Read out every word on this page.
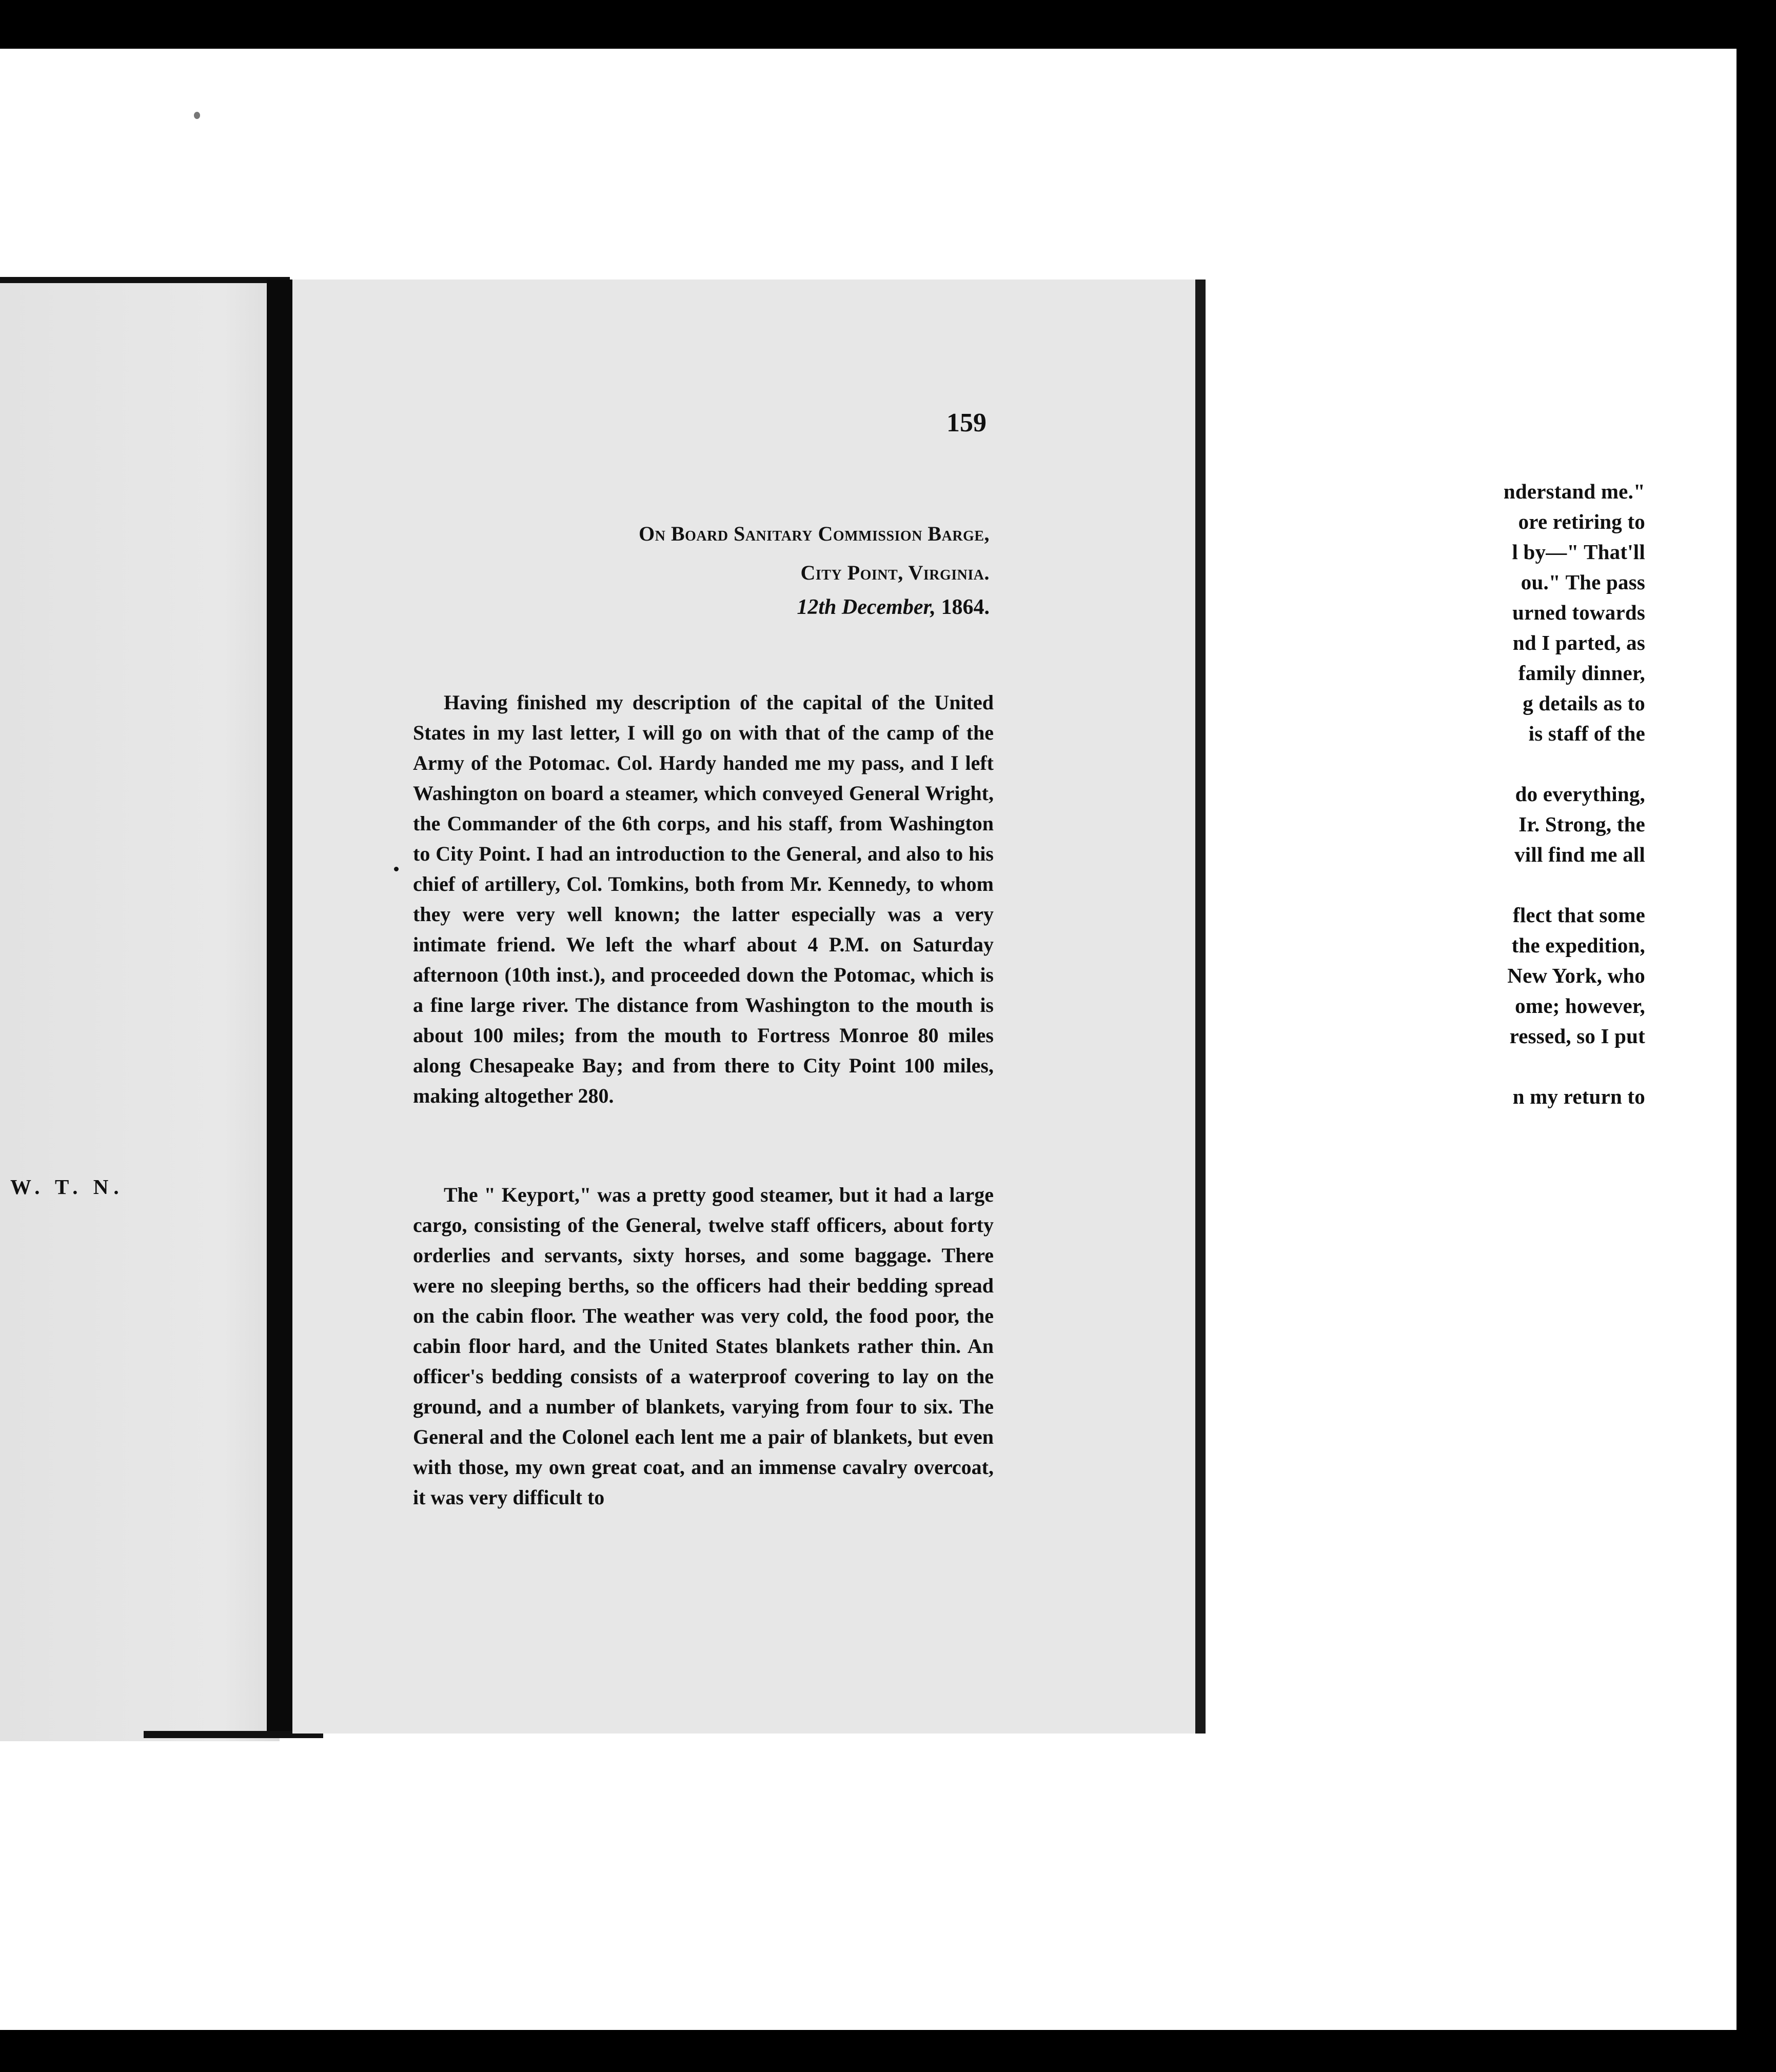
nderstand me."
ore retiring to
l by—" That'll
ou." The pass
urned towards
nd I parted, as
family dinner,
g details as to
is staff of the
do everything,
Ir. Strong, the
vill find me all
flect that some
the expedition,
New York, who
ome; however,
ressed, so I put
n my return to
W. T. N.
159
On Board Sanitary Commission Barge,
City Point, Virginia.
12th December, 1864.

Having finished my description of the capital of the United States in my last letter, I will go on with that of the camp of the Army of the Potomac. Col. Hardy handed me my pass, and I left Washington on board a steamer, which conveyed General Wright, the Commander of the 6th corps, and his staff, from Washington to City Point. I had an introduction to the General, and also to his chief of artillery, Col. Tomkins, both from Mr. Kennedy, to whom they were very well known; the latter especially was a very intimate friend. We left the wharf about 4 P.M. on Saturday afternoon (10th inst.), and proceeded down the Potomac, which is a fine large river. The distance from Washington to the mouth is about 100 miles; from the mouth to Fortress Monroe 80 miles along Chesapeake Bay; and from there to City Point 100 miles, making altogether 280.

The " Keyport," was a pretty good steamer, but it had a large cargo, consisting of the General, twelve staff officers, about forty orderlies and servants, sixty horses, and some baggage. There were no sleeping berths, so the officers had their bedding spread on the cabin floor. The weather was very cold, the food poor, the cabin floor hard, and the United States blankets rather thin. An officer's bedding consists of a waterproof covering to lay on the ground, and a number of blankets, varying from four to six. The General and the Colonel each lent me a pair of blankets, but even with those, my own great coat, and an immense cavalry overcoat, it was very difficult to
